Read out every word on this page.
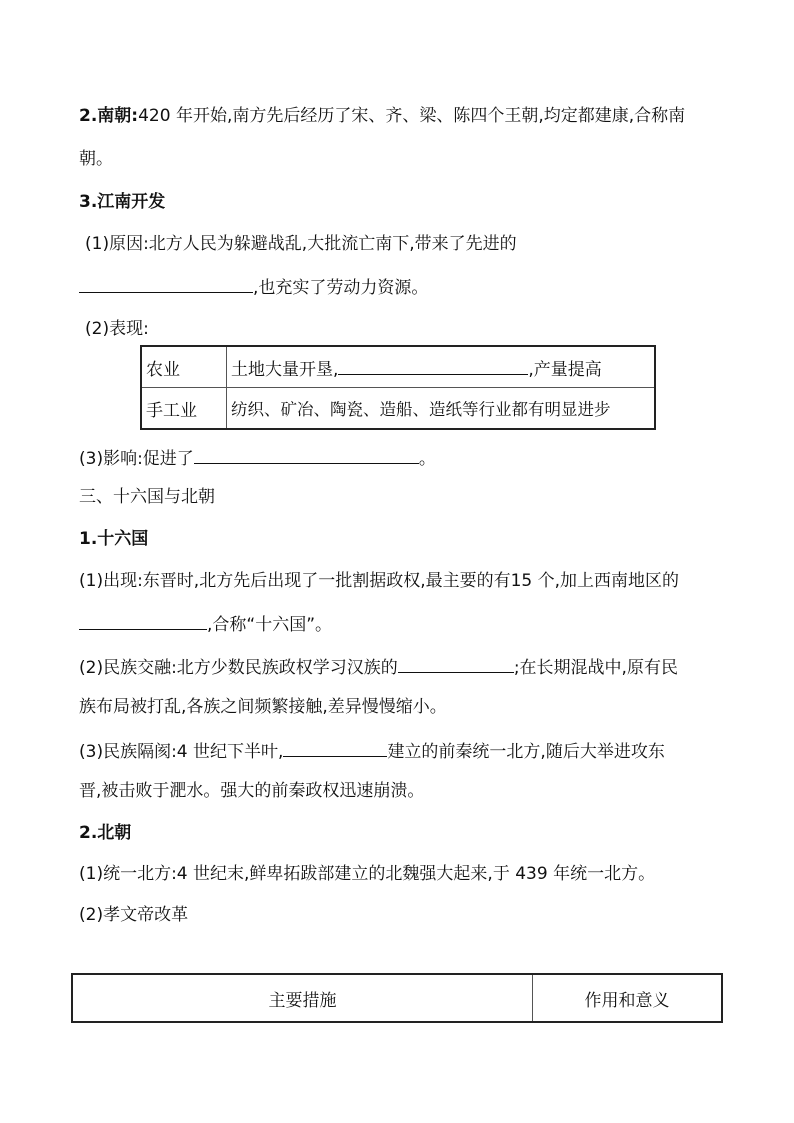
2.南朝:420 年开始,南方先后经历了宋、齐、梁、陈四个王朝,均定都建康,合称南
朝。
3.江南开发
(1)原因:北方人民为躲避战乱,大批流亡南下,带来了先进的
,也充实了劳动力资源。
(2)表现:
农业	土地大量开垦, ,产量提高
手工业	纺织、矿冶、陶瓷、造船、造纸等行业都有明显进步
(3)影响:促进了	。
三、十六国与北朝
1.十六国
(1)出现:东晋时,北方先后出现了一批割据政权,最主要的有15 个,加上西南地区的
,合称“十六国”。
(2)民族交融:北方少数民族政权学习汉族的	;在长期混战中,原有民
族布局被打乱,各族之间频繁接触,差异慢慢缩小。
(3)民族隔阂:4 世纪下半叶,	建立的前秦统一北方,随后大举进攻东
晋,被击败于淝水。强大的前秦政权迅速崩溃。
2.北朝
(1)统一北方:4 世纪末,鲜卑拓跋部建立的北魏强大起来,于 439 年统一北方。
(2)孝文帝改革
主要措施	作用和意义
